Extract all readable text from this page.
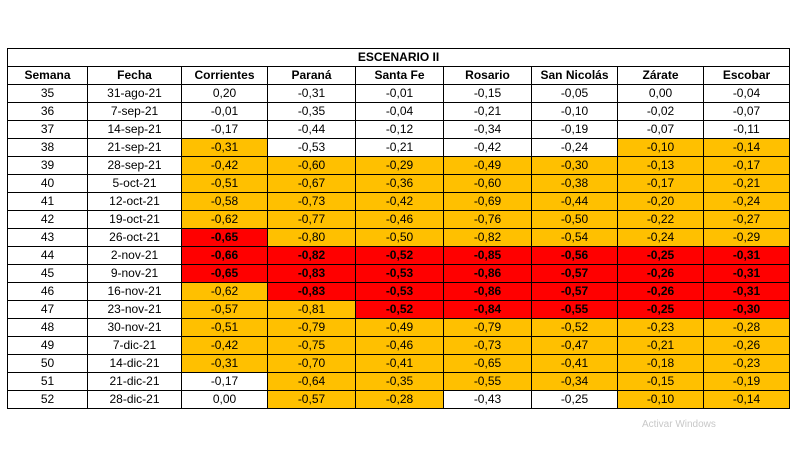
ESCENARIO II								
Semana	Fecha	Corrientes	Paraná	Santa Fe	Rosario	San Nicolás	Zárate	Escobar
35	31-ago-21	0,20	-0,31	-0,01	-0,15	-0,05	0,00	-0,04
36	7-sep-21	-0,01	-0,35	-0,04	-0,21	-0,10	-0,02	-0,07
37	14-sep-21	-0,17	-0,44	-0,12	-0,34	-0,19	-0,07	-0,11
38	21-sep-21	-0,31	-0,53	-0,21	-0,42	-0,24	-0,10	-0,14
39	28-sep-21	-0,42	-0,60	-0,29	-0,49	-0,30	-0,13	-0,17
40	5-oct-21	-0,51	-0,67	-0,36	-0,60	-0,38	-0,17	-0,21
41	12-oct-21	-0,58	-0,73	-0,42	-0,69	-0,44	-0,20	-0,24
42	19-oct-21	-0,62	-0,77	-0,46	-0,76	-0,50	-0,22	-0,27
43	26-oct-21	-0,65	-0,80	-0,50	-0,82	-0,54	-0,24	-0,29
44	2-nov-21	-0,66	-0,82	-0,52	-0,85	-0,56	-0,25	-0,31
45	9-nov-21	-0,65	-0,83	-0,53	-0,86	-0,57	-0,26	-0,31
46	16-nov-21	-0,62	-0,83	-0,53	-0,86	-0,57	-0,26	-0,31
47	23-nov-21	-0,57	-0,81	-0,52	-0,84	-0,55	-0,25	-0,30
48	30-nov-21	-0,51	-0,79	-0,49	-0,79	-0,52	-0,23	-0,28
49	7-dic-21	-0,42	-0,75	-0,46	-0,73	-0,47	-0,21	-0,26
50	14-dic-21	-0,31	-0,70	-0,41	-0,65	-0,41	-0,18	-0,23
51	21-dic-21	-0,17	-0,64	-0,35	-0,55	-0,34	-0,15	-0,19
52	28-dic-21	0,00	-0,57	-0,28	-0,43	-0,25	-0,10	-0,14
Activar Windows
